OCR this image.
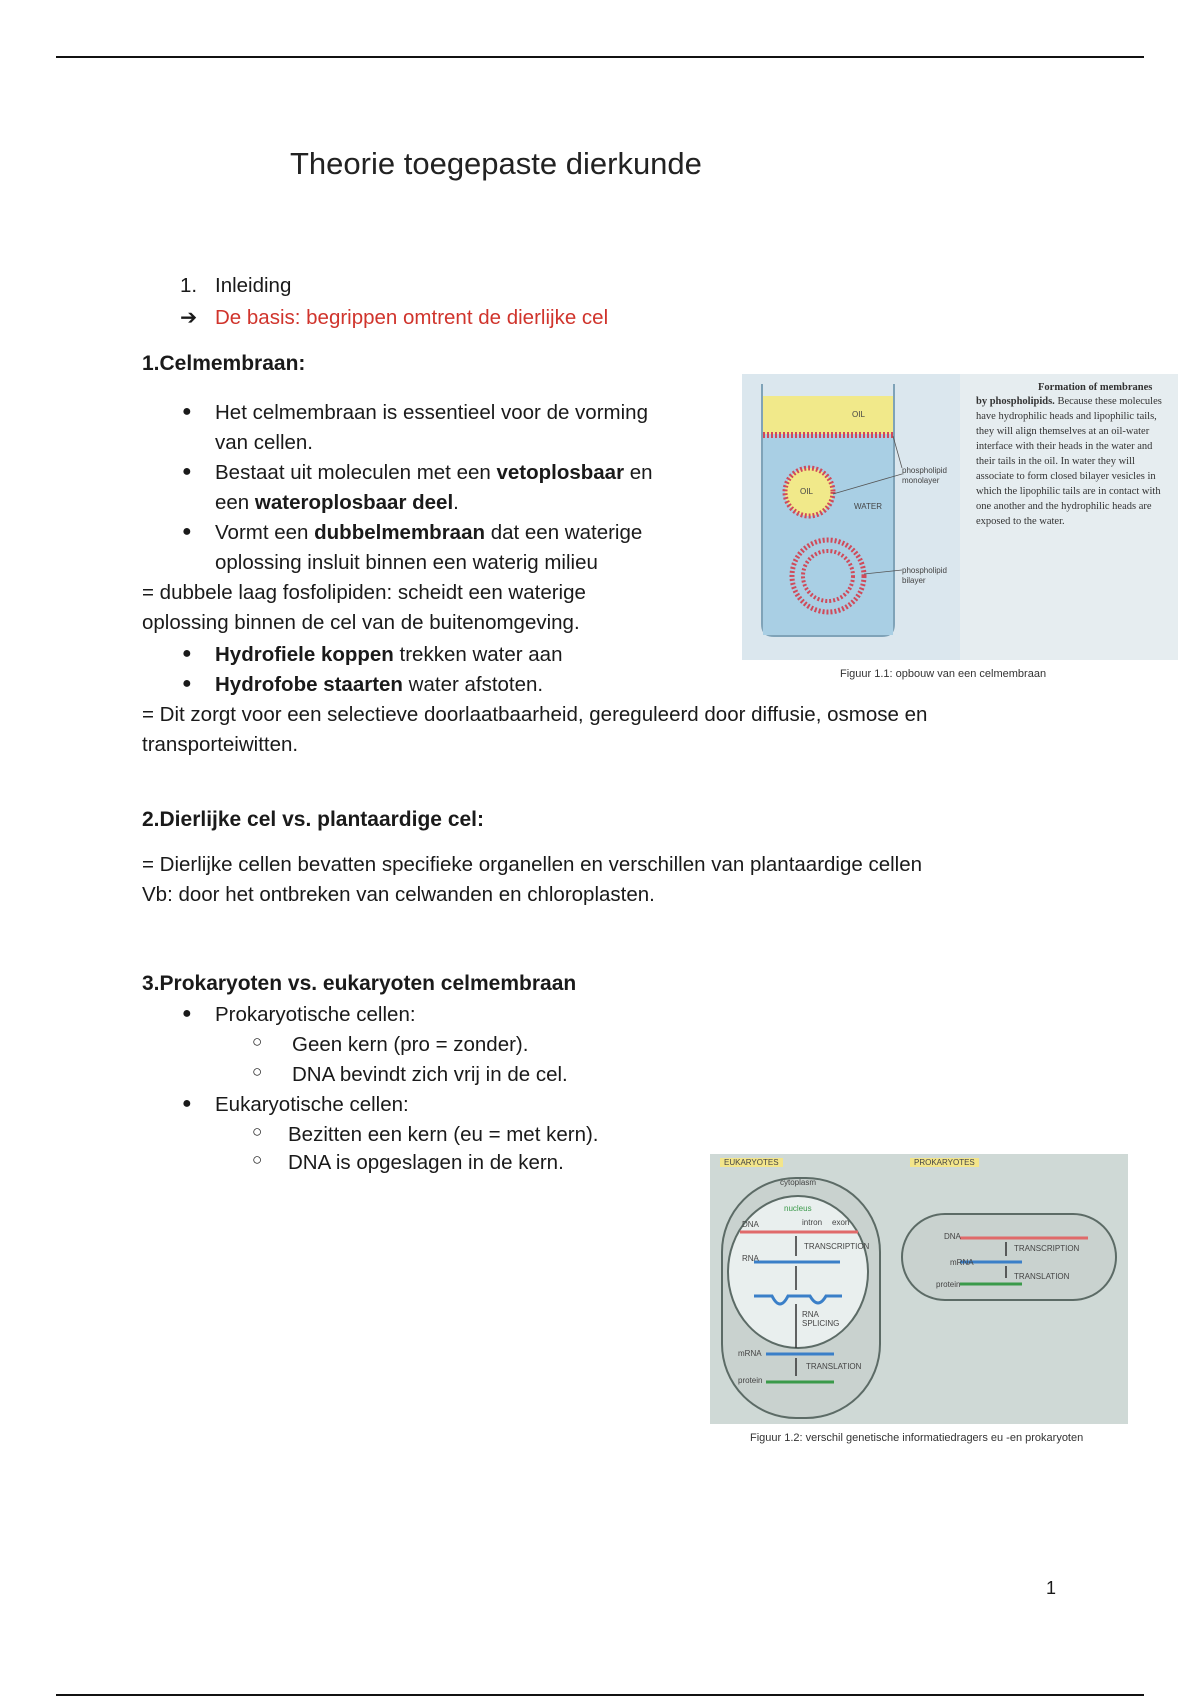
Theorie toegepaste dierkunde
1. Inleiding
➔ De basis: begrippen omtrent de dierlijke cel
1.Celmembraan:
● Het celmembraan is essentieel voor de vorming
van cellen.
● Bestaat uit moleculen met een vetoplosbaar en
een wateroplosbaar deel.
● Vormt een dubbelmembraan dat een waterige
oplossing insluit binnen een waterig milieu
= dubbele laag fosfolipiden: scheidt een waterige
oplossing binnen de cel van de buitenomgeving.
● Hydrofiele koppen trekken water aan
● Hydrofobe staarten water afstoten.
= Dit zorgt voor een selectieve doorlaatbaarheid, gereguleerd door diffusie, osmose en
transporteiwitten.
OIL
OIL
WATER
phospholipid monolayer
phospholipid bilayer
Formation of membranes
by phospholipids. Because these molecules have hydrophilic heads and lipophilic tails, they will align themselves at an oil-water interface with their heads in the water and their tails in the oil. In water they will associate to form closed bilayer vesicles in which the lipophilic tails are in contact with one another and the hydrophilic heads are exposed to the water.
Figuur 1.1: opbouw van een celmembraan
2.Dierlijke cel vs. plantaardige cel:
= Dierlijke cellen bevatten specifieke organellen en verschillen van plantaardige cellen
Vb: door het ontbreken van celwanden en chloroplasten.
3.Prokaryoten vs. eukaryoten celmembraan
● Prokaryotische cellen:
○ Geen kern (pro = zonder).
○ DNA bevindt zich vrij in de cel.
● Eukaryotische cellen:
○ Bezitten een kern (eu = met kern).
○ DNA is opgeslagen in de kern.	EUKARYOTES	PROKARYOTES
cytoplasm
nucleus
DNA	intron exon
TRANSCRIPTION
RNA
RNA SPLICING
mRNA
TRANSLATION
protein
DNA
TRANSCRIPTION
mRNA
TRANSLATION
protein
Figuur 1.2: verschil genetische informatiedragers eu -en prokaryoten
1
